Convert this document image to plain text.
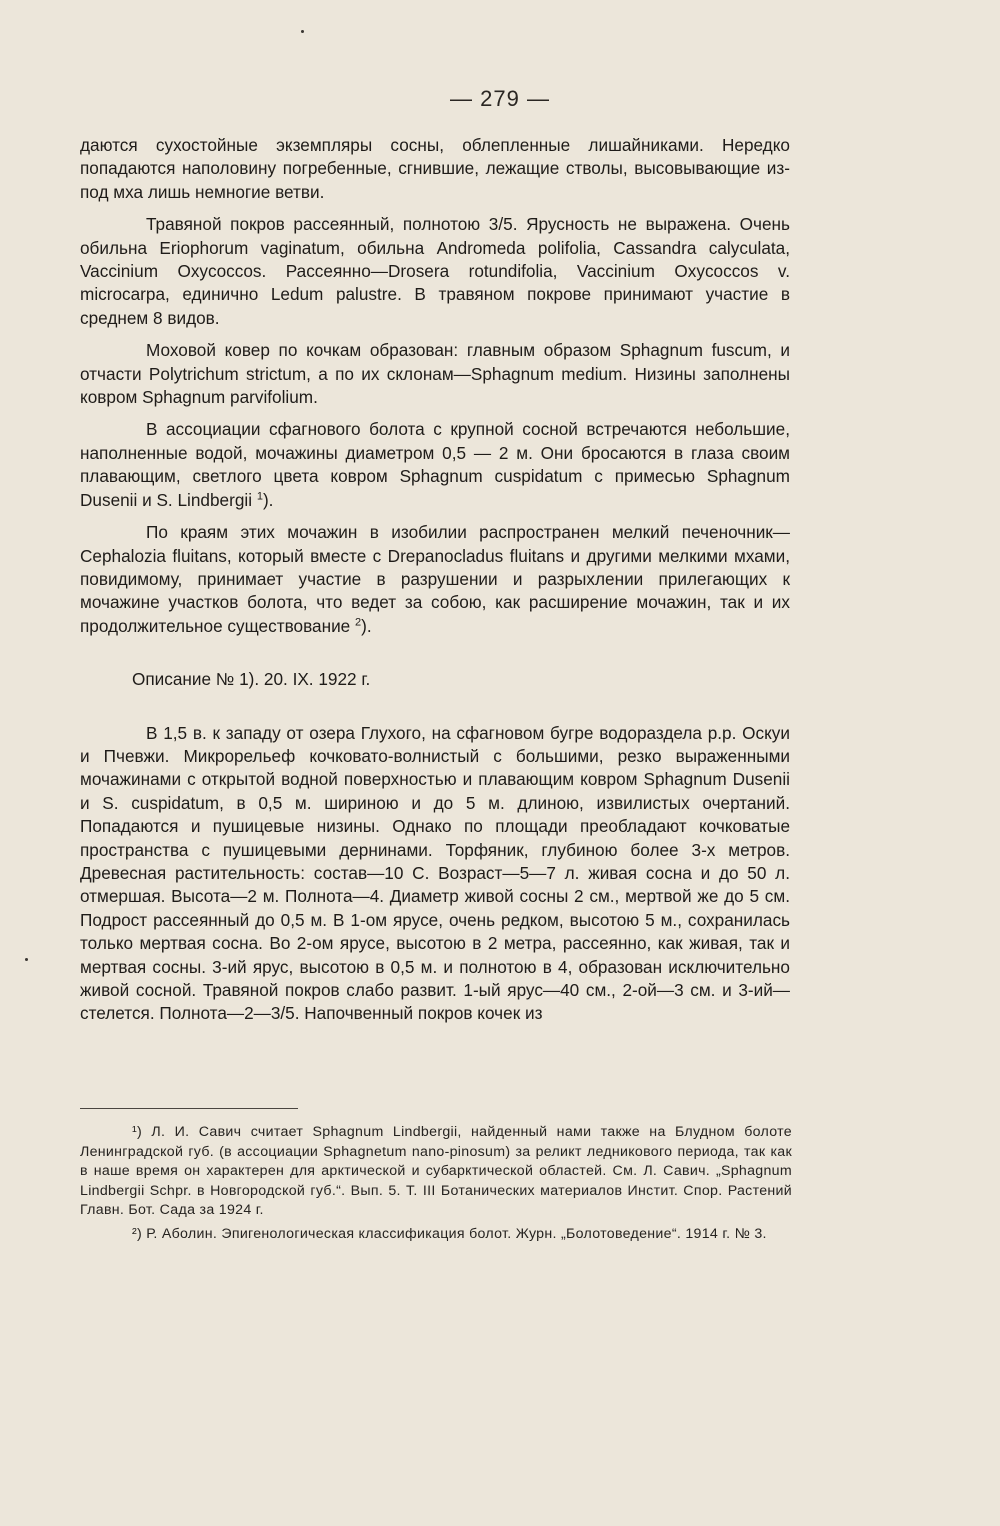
— 279 —

даются сухостойные экземпляры сосны, облепленные лишайниками. Нередко попадаются наполовину погребенные, сгнившие, лежащие стволы, высовывающие из-под мха лишь немногие ветви.

Травяной покров рассеянный, полнотою 3/5. Ярусность не выражена. Очень обильна Eriophorum vaginatum, обильна Andromeda polifolia, Cassandra calyculata, Vaccinium Oxycoccos. Рассеянно—Drosera rotundifolia, Vaccinium Oxycoccos v. microcarpa, единично Ledum palustre. В травяном покрове принимают участие в среднем 8 видов.

Моховой ковер по кочкам образован: главным образом Sphagnum fuscum, и отчасти Polytrichum strictum, а по их склонам—Sphagnum medium. Низины заполнены ковром Sphagnum parvifolium.

В ассоциации сфагнового болота с крупной сосной встречаются небольшие, наполненные водой, мочажины диаметром 0,5 — 2 м. Они бросаются в глаза своим плавающим, светлого цвета ковром Sphagnum cuspidatum с примесью Sphagnum Dusenii и S. Lindbergii $^1$).

По краям этих мочажин в изобилии распространен мелкий печеночник—Cephalozia fluitans, который вместе с Drepanocladus fluitans и другими мелкими мхами, повидимому, принимает участие в разрушении и разрыхлении прилегающих к мочажине участков болота, что ведет за собою, как расширение мочажин, так и их продолжительное существование $^2$).

Описание № 1). 20. IX. 1922 г.

В 1,5 в. к западу от озера Глухого, на сфагновом бугре водораздела р.р. Оскуи и Пчевжи. Микрорельеф кочковато-волнистый с большими, резко выраженными мочажинами с открытой водной поверхностью и плавающим ковром Sphagnum Dusenii и S. cuspidatum, в 0,5 м. шириною и до 5 м. длиною, извилистых очертаний. Попадаются и пушицевые низины. Однако по площади преобладают кочковатые пространства с пушицевыми дернинами. Торфяник, глубиною более 3-х метров. Древесная растительность: состав—10 С. Возраст—5—7 л. живая сосна и до 50 л. отмершая. Высота—2 м. Полнота—4. Диаметр живой сосны 2 см., мертвой же до 5 см. Подрост рассеянный до 0,5 м. В 1-ом ярусе, очень редком, высотою 5 м., сохранилась только мертвая сосна. Во 2-ом ярусе, высотою в 2 метра, рассеянно, как живая, так и мертвая сосны. 3-ий ярус, высотою в 0,5 м. и полнотою в 4, образован исключительно живой сосной. Травяной покров слабо развит. 1-ый ярус—40 см., 2-ой—3 см. и 3-ий—стелется. Полнота—2—3/5. Напочвенный покров кочек из

¹) Л. И. Савич считает Sphagnum Lindbergii, найденный нами также на Блудном болоте Ленинградской губ. (в ассоциации Sphagnetum nano-pinosum) за реликт ледникового периода, так как в наше время он характерен для арктической и субарктической областей. См. Л. Савич. „Sphagnum Lindbergii Schpr. в Новгородской губ.“. Вып. 5. Т. III Ботанических материалов Инстит. Спор. Растений Главн. Бот. Сада за 1924 г.

²) Р. Аболин. Эпигенологическая классификация болот. Журн. „Болотоведение“. 1914 г. № 3.
